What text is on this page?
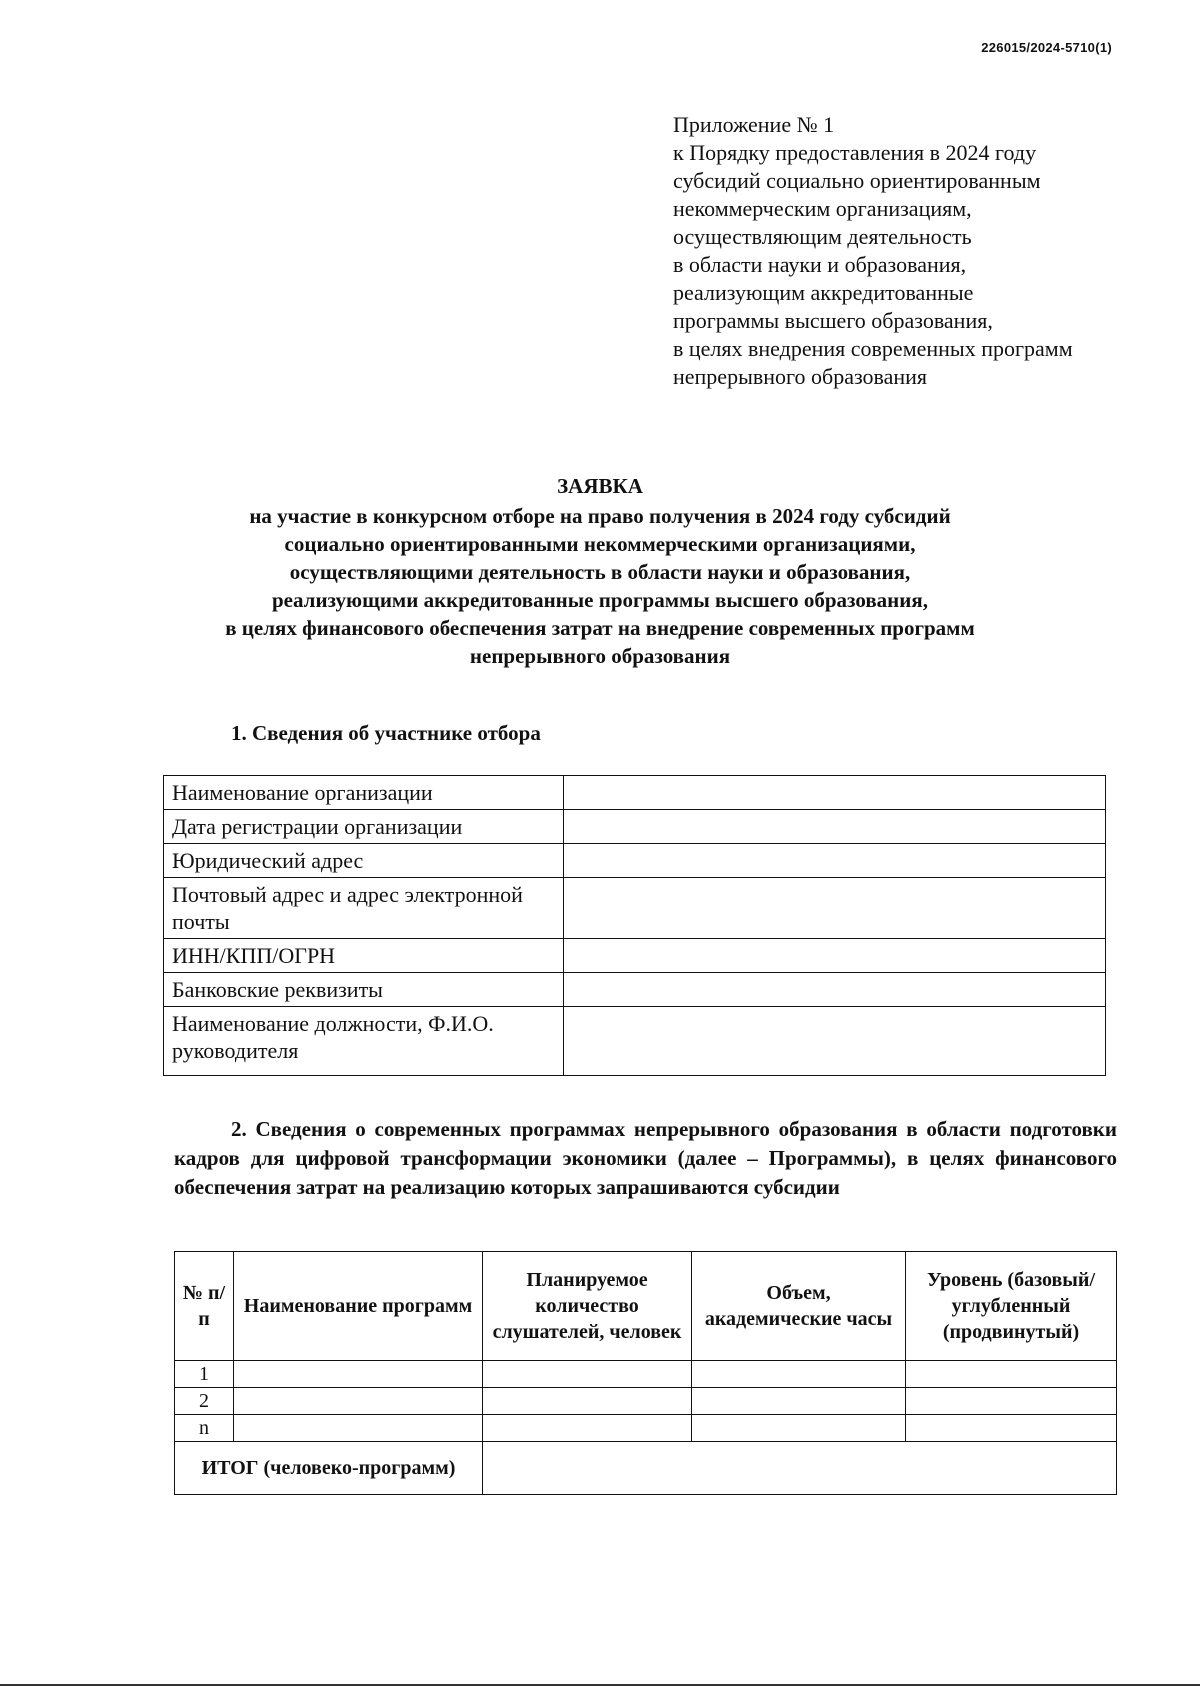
226015/2024-5710(1)
Приложение № 1
к Порядку предоставления в 2024 году
субсидий социально ориентированным
некоммерческим организациям,
осуществляющим деятельность
в области науки и образования,
реализующим аккредитованные
программы высшего образования,
в целях внедрения современных программ
непрерывного образования
ЗАЯВКА
на участие в конкурсном отборе на право получения в 2024 году субсидий
социально ориентированными некоммерческими организациями,
осуществляющими деятельность в области науки и образования,
реализующими аккредитованные программы высшего образования,
в целях финансового обеспечения затрат на внедрение современных программ
непрерывного образования
1. Сведения об участнике отбора
Наименование организации	
Дата регистрации организации	
Юридический адрес	
Почтовый адрес и адрес электронной почты	
ИНН/КПП/ОГРН	
Банковские реквизиты	
Наименование должности, Ф.И.О. руководителя	
2. Сведения о современных программах непрерывного образования в области подготовки кадров для цифровой трансформации экономики (далее – Программы), в целях финансового обеспечения затрат на реализацию которых запрашиваются субсидии
№ п/п	Наименование программ	Планируемое количество слушателей, человек	Объем, академические часы	Уровень (базовый/ углубленный (продвинутый)
1				
2				
n				
ИТОГ (человеко-программ)				
